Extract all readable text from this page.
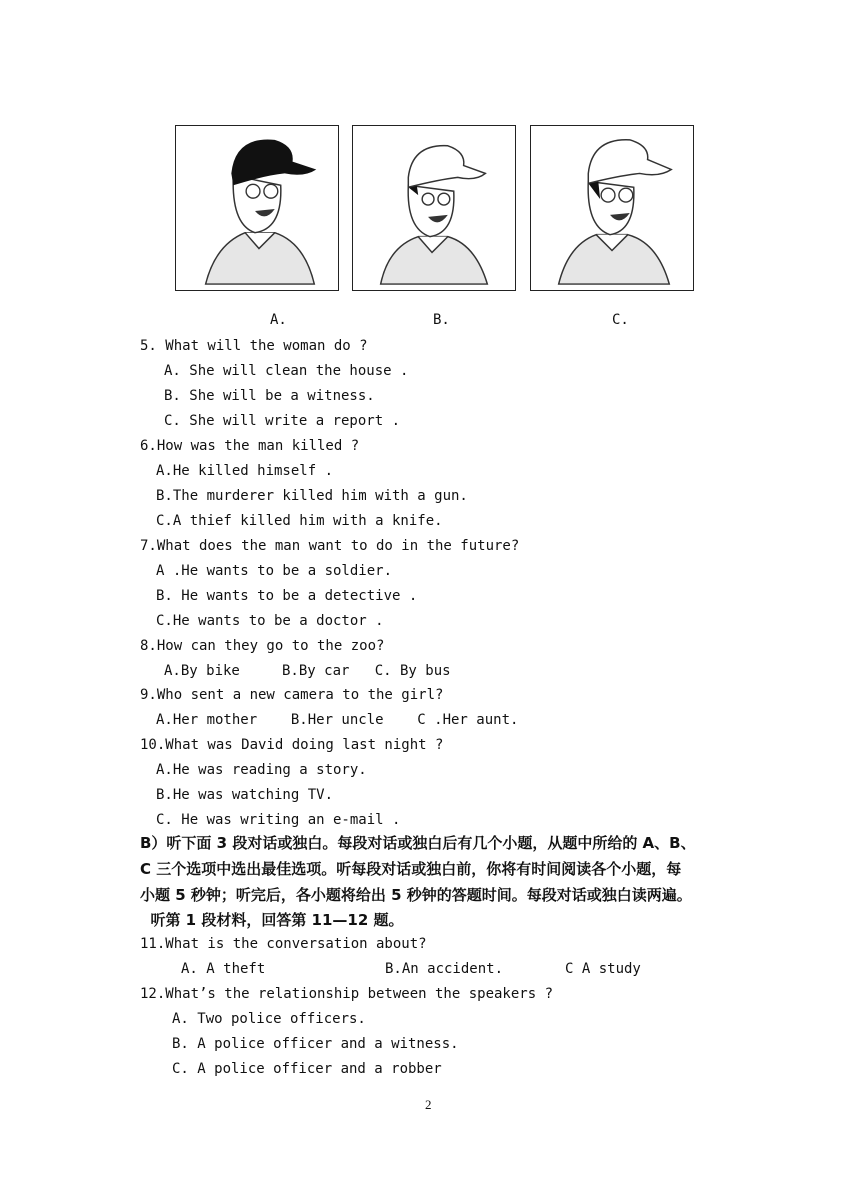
A.	B.	C.
5. What will the woman do ?
A. She will clean the house .
B. She will be a witness.
C. She will write a report .
6.How was the man killed ?
A.He killed himself .
B.The murderer killed him with a gun.
C.A thief killed him with a knife.
7.What does the man want to do in the future?
A .He wants to be a soldier.
B. He wants to be a detective .
C.He wants to be a doctor .
8.How can they go to the zoo?
A.By bike     B.By car   C. By bus
9.Who sent a new camera to the girl?
A.Her mother    B.Her uncle    C .Her aunt.
10.What was David doing last night ?
A.He was reading a story.
B.He was watching TV.
C. He was writing an e-mail .
B）听下面 3 段对话或独白。每段对话或独白后有几个小题，从题中所给的 A、B、
C 三个选项中选出最佳选项。听每段对话或独白前，你将有时间阅读各个小题，每
小题 5 秒钟；听完后，各小题将给出 5 秒钟的答题时间。每段对话或独白读两遍。
听第 1 段材料，回答第 11—12 题。
11.What is the conversation about?
A. A theft	B.An accident.	C A study
12.What’s the relationship between the speakers ?
A. Two police officers.
B. A police officer and a witness.
C. A police officer and a robber
2
